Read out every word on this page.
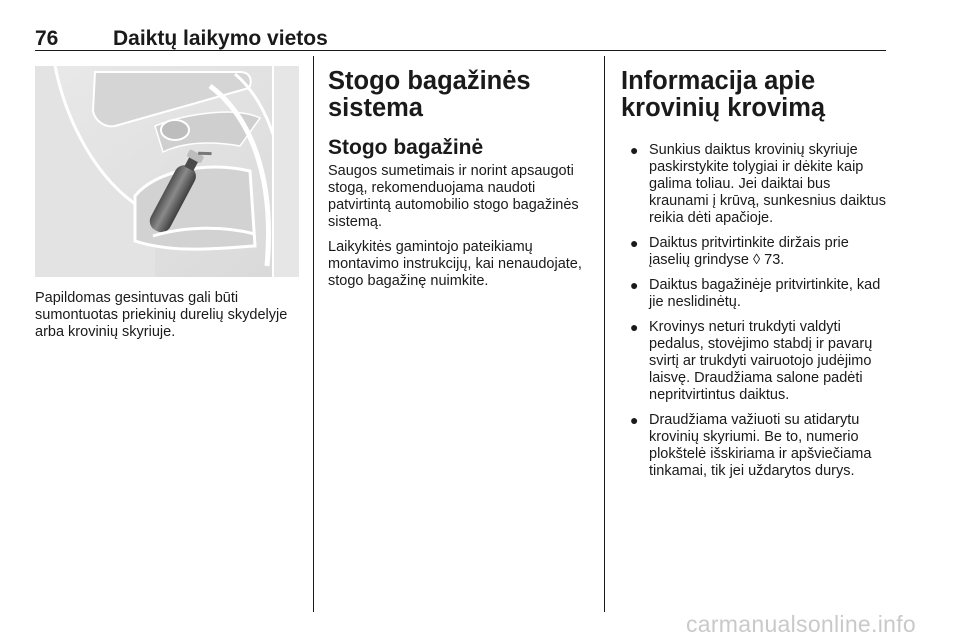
76	Daiktų laikymo vietos
Papildomas gesintuvas gali būti sumontuotas priekinių durelių skydelyje arba krovinių skyriuje.
Stogo bagažinės sistema
Stogo bagažinė

Saugos sumetimais ir norint apsaugoti stogą, rekomenduojama naudoti patvirtintą automobilio stogo bagažinės sistemą.

Laikykitės gamintojo pateikiamų montavimo instrukcijų, kai nenaudojate, stogo bagažinę nuimkite.

Informacija apie krovinių krovimą
● Sunkius daiktus krovinių skyriuje paskirstykite tolygiai ir dėkite kaip galima toliau. Jei daiktai bus kraunami į krūvą, sunkesnius daiktus reikia dėti apačioje.
● Daiktus pritvirtinkite diržais prie įaselių grindyse ◊ 73.
● Daiktus bagažinėje pritvirtinkite, kad jie neslidinėtų.
● Krovinys neturi trukdyti valdyti pedalus, stovėjimo stabdį ir pavarų svirtį ar trukdyti vairuotojo judėjimo laisvę. Draudžiama salone padėti nepritvirtintus daiktus.
● Draudžiama važiuoti su atidarytu krovinių skyriumi. Be to, numerio plokštelė išskiriama ir apšviečiama tinkamai, tik jei uždarytos durys.
carmanualsonline.info
